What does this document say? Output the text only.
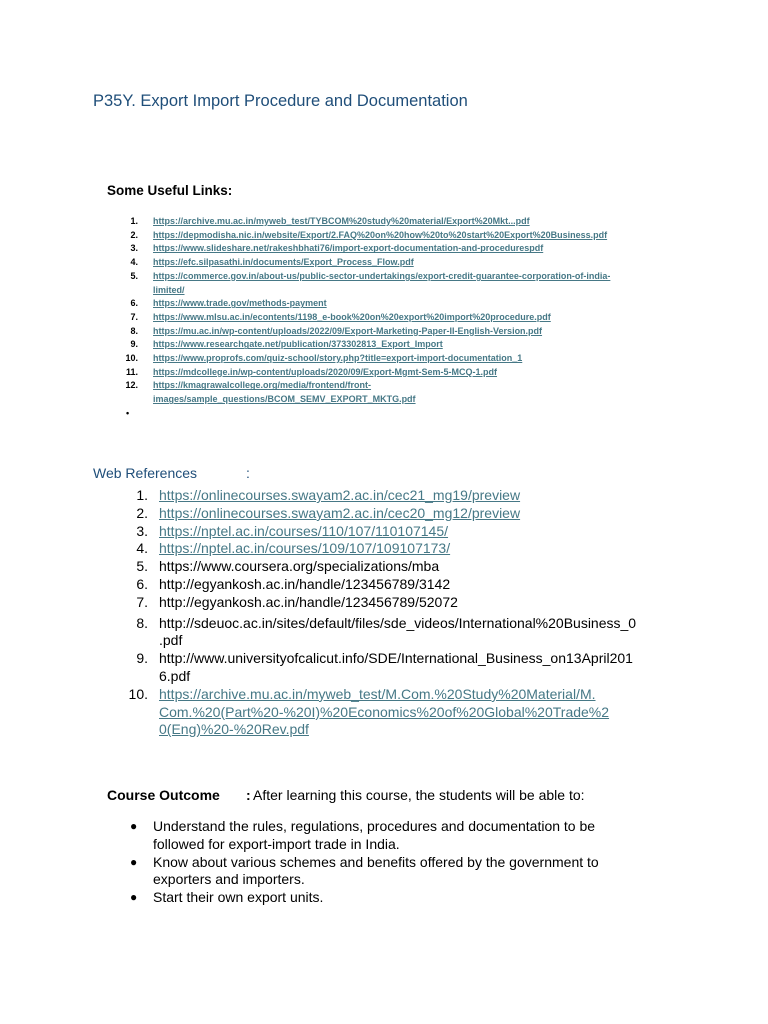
P35Y. Export Import Procedure and Documentation
Some Useful Links:
1. https://archive.mu.ac.in/myweb_test/TYBCOM%20study%20material/Export%20Mkt...pdf
2. https://depmodisha.nic.in/website/Export/2.FAQ%20on%20how%20to%20start%20Export%20Business.pdf
3. https://www.slideshare.net/rakeshbhati76/import-export-documentation-and-procedurespdf
4. https://efc.silpasathi.in/documents/Export_Process_Flow.pdf
5. https://commerce.gov.in/about-us/public-sector-undertakings/export-credit-guarantee-corporation-of-india-
limited/
6. https://www.trade.gov/methods-payment
7. https://www.mlsu.ac.in/econtents/1198_e-book%20on%20export%20import%20procedure.pdf
8. https://mu.ac.in/wp-content/uploads/2022/09/Export-Marketing-Paper-II-English-Version.pdf
9. https://www.researchgate.net/publication/373302813_Export_Import
10. https://www.proprofs.com/quiz-school/story.php?title=export-import-documentation_1
11. https://mdcollege.in/wp-content/uploads/2020/09/Export-Mgmt-Sem-5-MCQ-1.pdf
12. https://kmagrawalcollege.org/media/frontend/front-
images/sample_questions/BCOM_SEMV_EXPORT_MKTG.pdf
•
Web References	:
1. https://onlinecourses.swayam2.ac.in/cec21_mg19/preview
2. https://onlinecourses.swayam2.ac.in/cec20_mg12/preview
3. https://nptel.ac.in/courses/110/107/110107145/
4. https://nptel.ac.in/courses/109/107/109107173/
5. https://www.coursera.org/specializations/mba
6. http://egyankosh.ac.in/handle/123456789/3142
7. http://egyankosh.ac.in/handle/123456789/52072
8. http://sdeuoc.ac.in/sites/default/files/sde_videos/International%20Business_0
.pdf
9. http://www.universityofcalicut.info/SDE/International_Business_on13April201
6.pdf
10. https://archive.mu.ac.in/myweb_test/M.Com.%20Study%20Material/M.
Com.%20(Part%20-%20I)%20Economics%20of%20Global%20Trade%2
0(Eng)%20-%20Rev.pdf
Course Outcome : After learning this course, the students will be able to:
● Understand the rules, regulations, procedures and documentation to be
followed for export-import trade in India.
● Know about various schemes and benefits offered by the government to
exporters and importers.
● Start their own export units.
